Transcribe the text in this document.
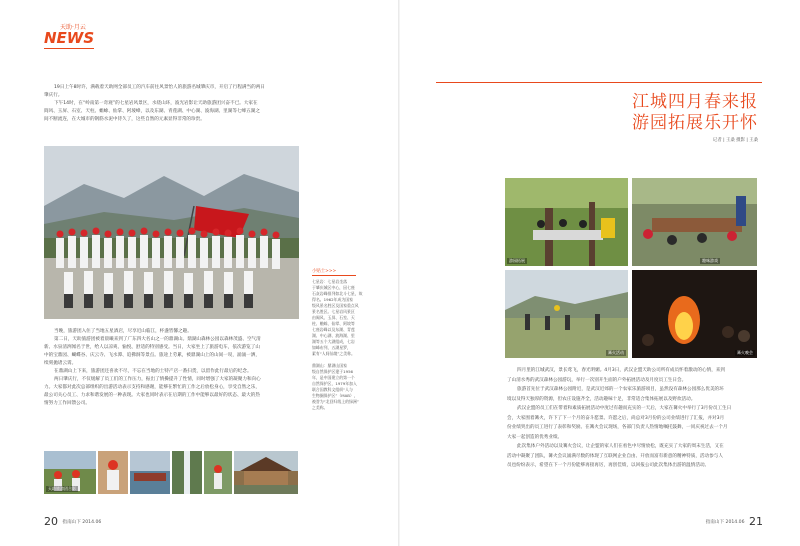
天助·月云
NEWS
19日上午8时许，满载着天助网全部员工的汽车前往风景怡人的旅游名城肇庆市，开启了行程满当的两日
肇庆行。
下午14时，在“岭南第一奇观”的七星岩风景区，水绕山环，波光岩影让天助旅游团兴奋不已。大家在
阆风、玉屏、石室、天柱、蟾蜍、仙掌、阿坡峰，以及东湖、青莲湖、中心湖、波海湖、里湖等七峰五湖之
间不断流连，在大城市的钢筋水泥中待久了，这些自然的元素显得非常的珍贵。
小贴士>>>
七星岩：七星岩坐落
于肇庆城区中心，因七座
石灰岩峰排列如北斗七星，故
得名。1962年成为国家
级风景名胜区及国家重点风
景名胜区。七星岩风景区
由阆风、玉屏、石室、天
柱、蟾蜍、仙掌、阿坡等
七座岩峰以及东湖、青莲
湖、中心湖、波海湖、里
湖等五个大湖组成，七岩
如峰布列，五湖星罗，
素有“人间仙境”之美称。
鼎湖山：鼎湖山国家
级自然保护区建于1956
年，是中国建立的第一个
自然保护区，1979年加入
联合国教科文组织“人与
生物圈保护区”（MAB），
被誉为“北回归线上的绿洲”
之美称。
当晚，旅游团入住了当地五星酒店，尽享近山临江，杯盏皆馨之趣。
第二日，天助旅游团被着晨曦来到了广东四大名山之一的鼎湖山。鼎湖山森林公园以森林茂盛、空气清
新、水泉清洌闻名于世，给人以凉爽、愉悦、舒适的特别感受。当日，大家坐上了旅游电车，依次游览了山
中的宝鼎园、蝴蝶谷、庆云寺、飞水潭、追佛洞等景点。旅途上劳累，被鼎湖山上的山间一叹，涌涌一洒，
续刻抛诸云霄。
在鼎湖山上下来，旅游团还喜欢不尽，不忘在当地的土特产店一番扫货，以留作此行最后的纪念。
两日肇庆行，不仅缓解了员工们的工作压力，振出了情操提升了性情，同时增强了大家的凝聚力和向心
力。大家都对此次总部组织的出游活动表示支持和感谢，能够在繁忙的工作之后放松身心，享受自然之乐，
最公司关心员工、力求和谐发展的一种表现。大家也同时表示在后期的工作中能够以最好的状态、最大的热
情努力工作回馈公司。
天助旅游团合影
20 指南山下 2014.06
江城四月春来报
游园拓展乐开怀
记者 | 王桑 摄影 | 王桑
游园拓展
篝火活动	篝火晚会
趣味游戏
四月里的江城武汉，景长莺飞，春光明媚。4月3日，武汉企盟天助公司所有成员怀着激动的心情，来到
了山清水秀的武汉森林公园游玩，举行一次别开生面的户外拓展活动及月度员工生日会。
旅游首先位于武汉森林公园附近，是武汉近郊的一个农家乐旅游项目，虽然没有森林公园那么优美的环
境以及得天独厚的资源，但农庄设施齐全，活动趣味十足，非常适合集体拓展以及野炊活动。
武汉企盟的员工们在带着和素质拓展活动中度过有趣而充实的一天后，大家在篝火中举行了3月份员工生日
会，大家围着篝火，许下了下一个月的奋斗愿景。许愿之后，尚总对3月份的公司业绩进行了汇报，并对3月
份业绩突出的员工进行了表彰和奖励。在篝火会议现场，各部门负责人热情地嘱托鼓舞，一同庆祝过去一个月
大家一起创造的优秀业绩。
此次集体户外活动以及篝火会议，让企盟的家人们在看色中尽情放松，既充实了大家的周末生活，又在
活动中凝聚了团队，篝火会议涌满尽数的体现了互联网企业自由、开放而富有新意的精神特质，活动参与人
员也纷纷表示，希望在下一个月份能够再接再厉，再创佳绩，以回报公司此次集体出游的温情活动。
指南山下 2014.06 21
